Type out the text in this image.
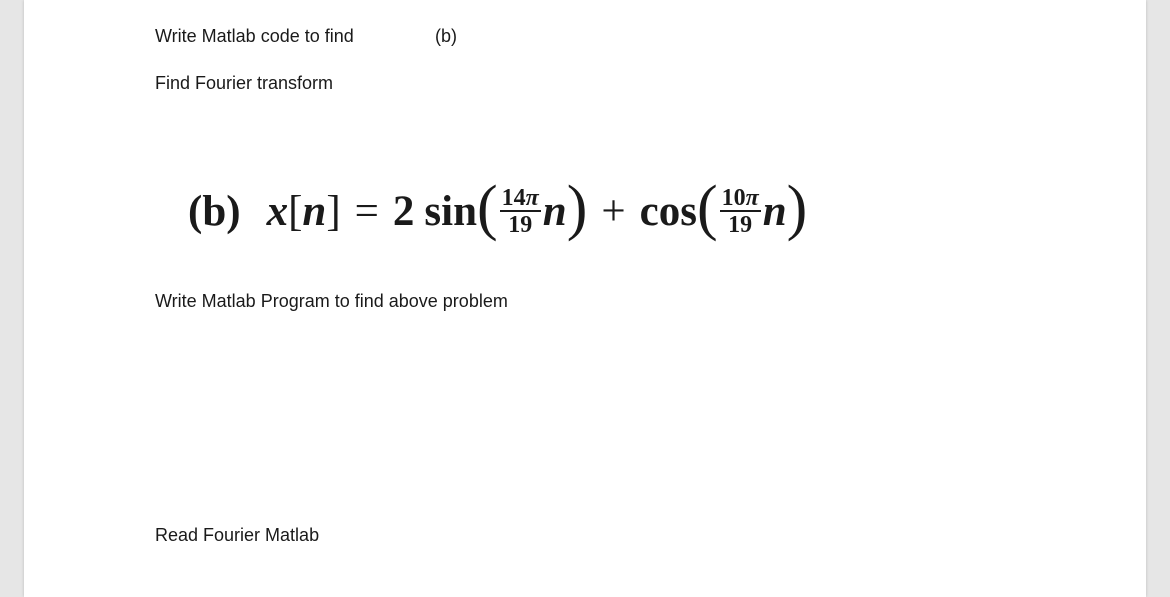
Write Matlab code to find	(b)
Find Fourier transform
(b) x [ n ] = 2 sin ( $\frac{14\pi}{19}$ n ) + cos ( $\frac{10\pi}{19}$ n )
Write Matlab Program to find above problem
Read Fourier Matlab
